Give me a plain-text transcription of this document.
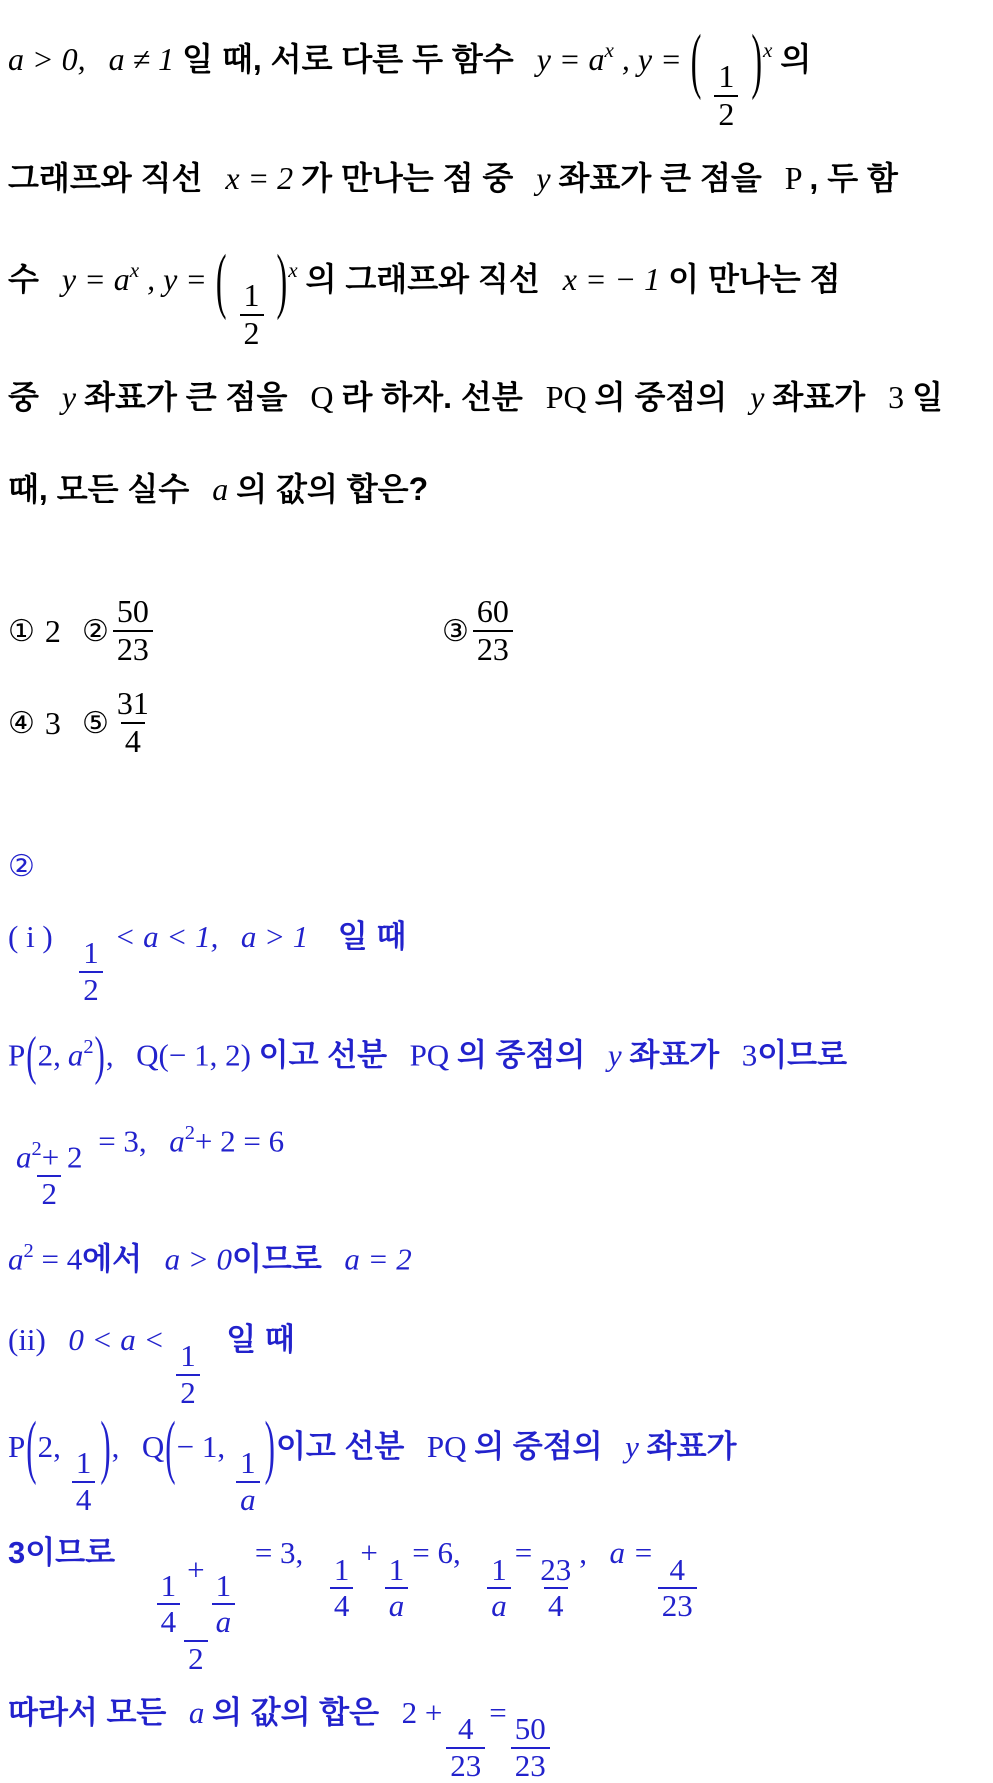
a > 0, a ≠ 1 일 때, 서로 다른 두 함수 $y = a^x$ , y = ( $\frac{1}{2} )^x$ 의
그래프와 직선 x = 2 가 만나는 점 중 y 좌표가 큰 점을 P , 두 함
수 $y = a^x$ , y = ( $\frac{1}{2} )^x$ 의 그래프와 직선 x = − 1 이 만나는 점
중 y 좌표가 큰 점을 Q 라 하자. 선분 PQ 의 중점의 y 좌표가 3 일
때, 모든 실수 a 의 값의 합은?
① 2 ② $\frac{50}{23}$	③ $\frac{60}{23}$
④ 3 ⑤ $\frac{31}{4}$
②
( i )
$\frac{1}{2}$
< a < 1, a > 1 일 때
P(2, $a^2$), Q(− 1, 2) 이고 선분 PQ 의 중점의 y 좌표가 3이므로
$\frac{a^2+ 2}{2} = 3$, $a^2+ 2 = 6$
$a^2 = 4$에서 a > 0이므로 a = 2
(ii) 0 < a <
$\frac{1}{2}$
일 때
P(2,
$\frac{1}{4}$ ), Q(− 1,
$\frac{1}{a}$ )이고 선분 PQ 의 중점의 y 좌표가
3이므로
$\frac{1}{4}$
+
$\frac{1}{a}$
2
= 3,
$\frac{1}{4}$
+
$\frac{1}{a}$
= 6,
$\frac{1}{a}$
=
$\frac{23}{4}$
, a =
$\frac{4}{23}$
따라서 모든 a 의 값의 합은 2 +
$\frac{4}{23}$
=
$\frac{50}{23}$
